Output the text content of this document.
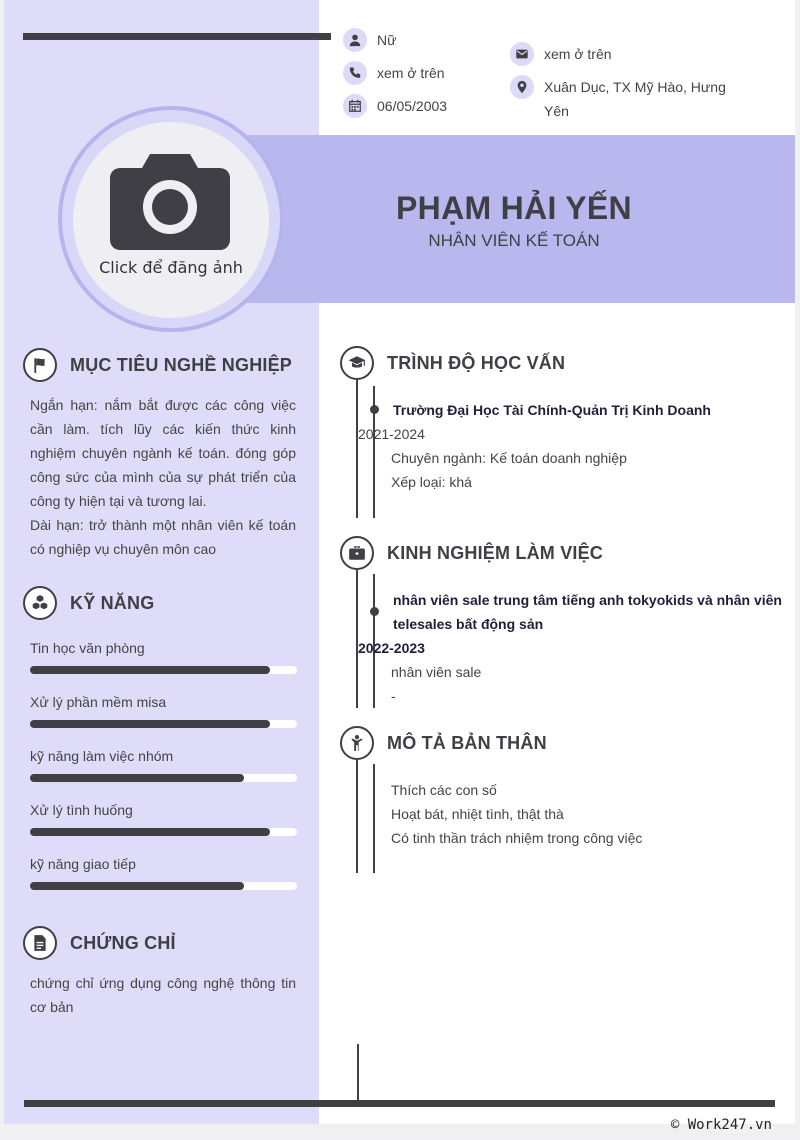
Nữ
xem ở trên
06/05/2003
xem ở trên
Xuân Dục, TX Mỹ Hào, Hưng Yên
Click để đăng ảnh
PHẠM HẢI YẾN
NHÂN VIÊN KẾ TOÁN
MỤC TIÊU NGHỀ NGHIỆP
Ngắn hạn: nắm bắt được các công việc cần làm. tích lũy các kiến thức kinh nghiệm chuyên ngành kế toán. đóng góp công sức của mình của sự phát triển của công ty hiện tại và tương lai.
Dài hạn: trở thành một nhân viên kế toán có nghiệp vụ chuyên môn cao
KỸ NĂNG
Tin học văn phòng
Xử lý phần mềm misa
kỹ năng làm việc nhóm
Xử lý tình huống
kỹ năng giao tiếp
CHỨNG CHỈ
chứng chỉ ứng dụng công nghệ thông tin cơ bản
TRÌNH ĐỘ HỌC VẤN
Trường Đại Học Tài Chính-Quản Trị Kinh Doanh
2021-2024
Chuyên ngành: Kế toán doanh nghiệp
Xếp loại: khá
KINH NGHIỆM LÀM VIỆC
nhân viên sale trung tâm tiếng anh tokyokids và nhân viên
telesales bất động sản
2022-2023
nhân viên sale
-
MÔ TẢ BẢN THÂN
Thích các con số
Hoạt bát, nhiệt tình, thật thà
Có tinh thần trách nhiệm trong công việc
© Work247.vn
